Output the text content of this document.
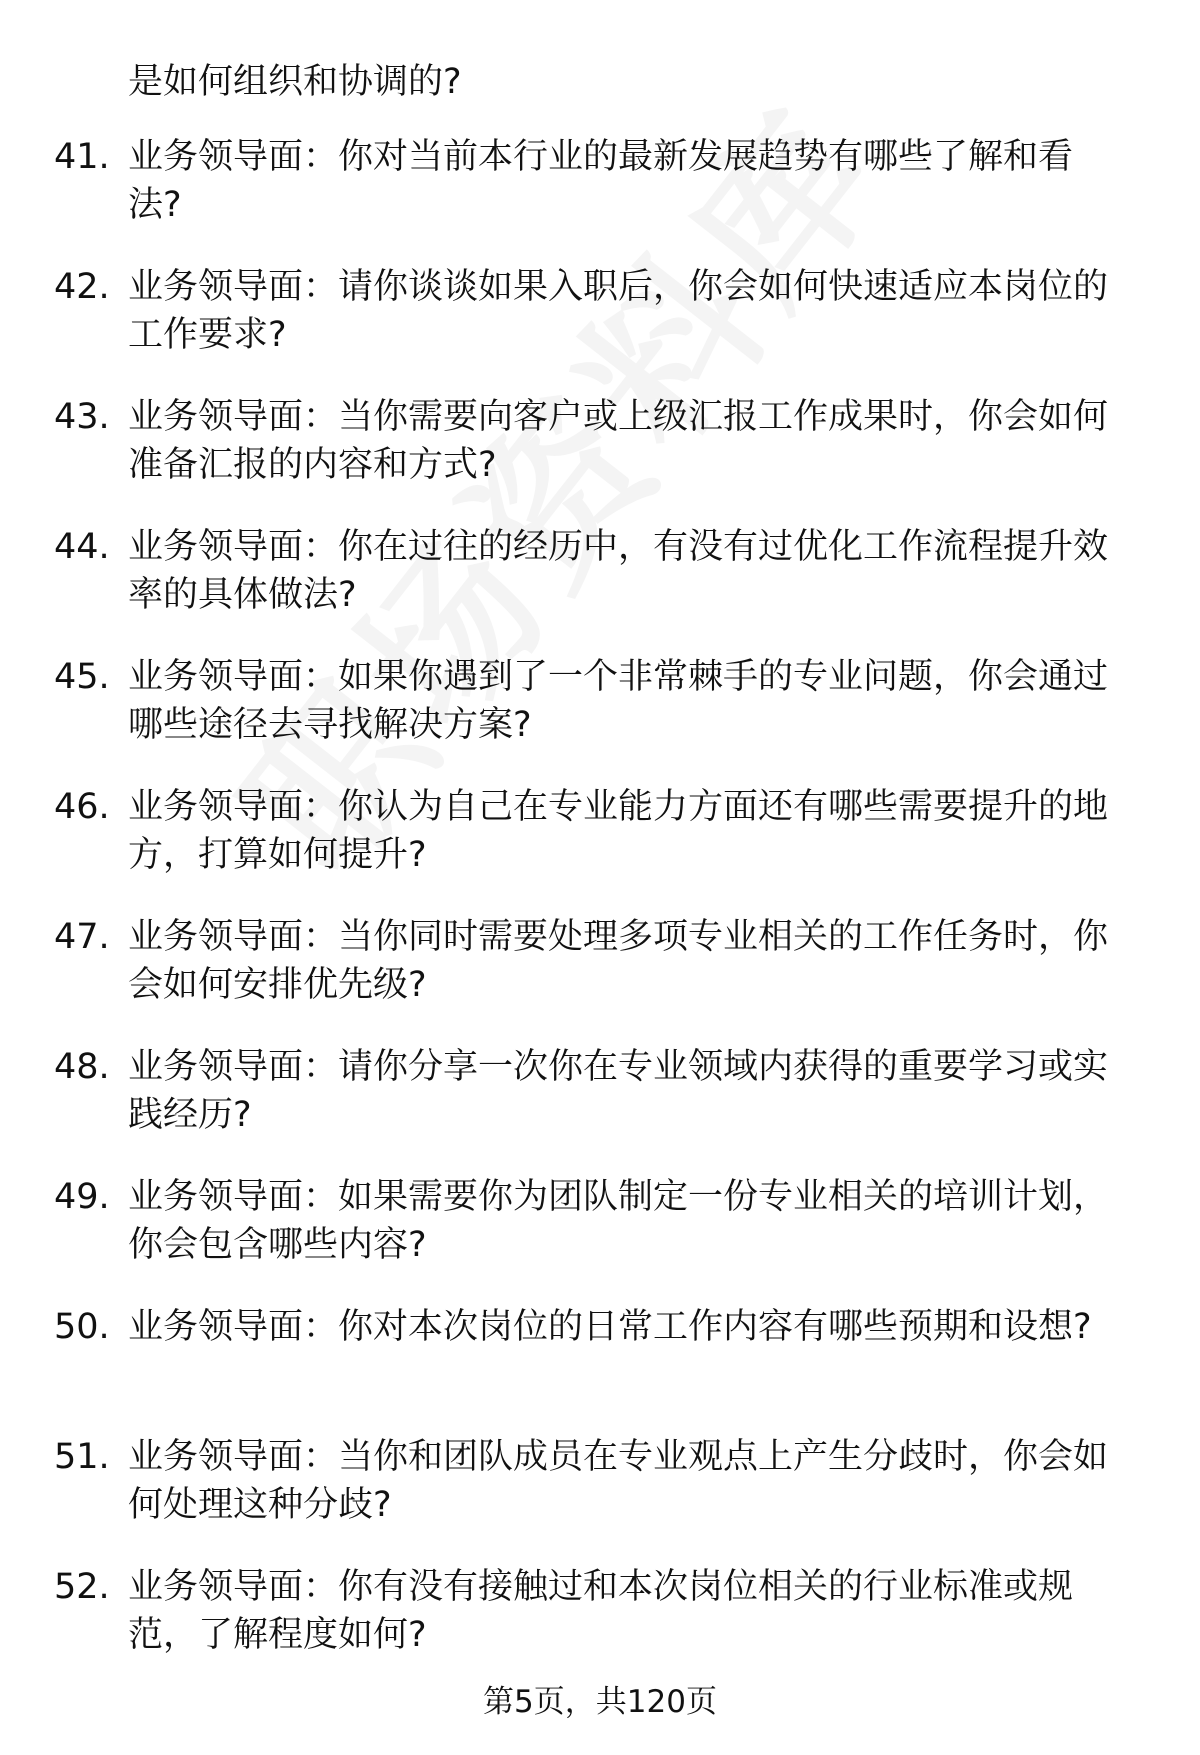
是如何组织和协调的?
41. 业务领导面：你对当前本行业的最新发展趋势有哪些了解和看
法?
42. 业务领导面：请你谈谈如果入职后，你会如何快速适应本岗位的
工作要求?
43. 业务领导面：当你需要向客户或上级汇报工作成果时，你会如何
准备汇报的内容和方式?
44. 业务领导面：你在过往的经历中，有没有过优化工作流程提升效
率的具体做法?
45. 业务领导面：如果你遇到了一个非常棘手的专业问题，你会通过
哪些途径去寻找解决方案?
46. 业务领导面：你认为自己在专业能力方面还有哪些需要提升的地
方，打算如何提升?
47. 业务领导面：当你同时需要处理多项专业相关的工作任务时，你
会如何安排优先级?
48. 业务领导面：请你分享一次你在专业领域内获得的重要学习或实
践经历?
49. 业务领导面：如果需要你为团队制定一份专业相关的培训计划，
你会包含哪些内容?
50. 业务领导面：你对本次岗位的日常工作内容有哪些预期和设想?
51. 业务领导面：当你和团队成员在专业观点上产生分歧时，你会如
何处理这种分歧?
52. 业务领导面：你有没有接触过和本次岗位相关的行业标准或规
范，了解程度如何?
第5页，共120页
